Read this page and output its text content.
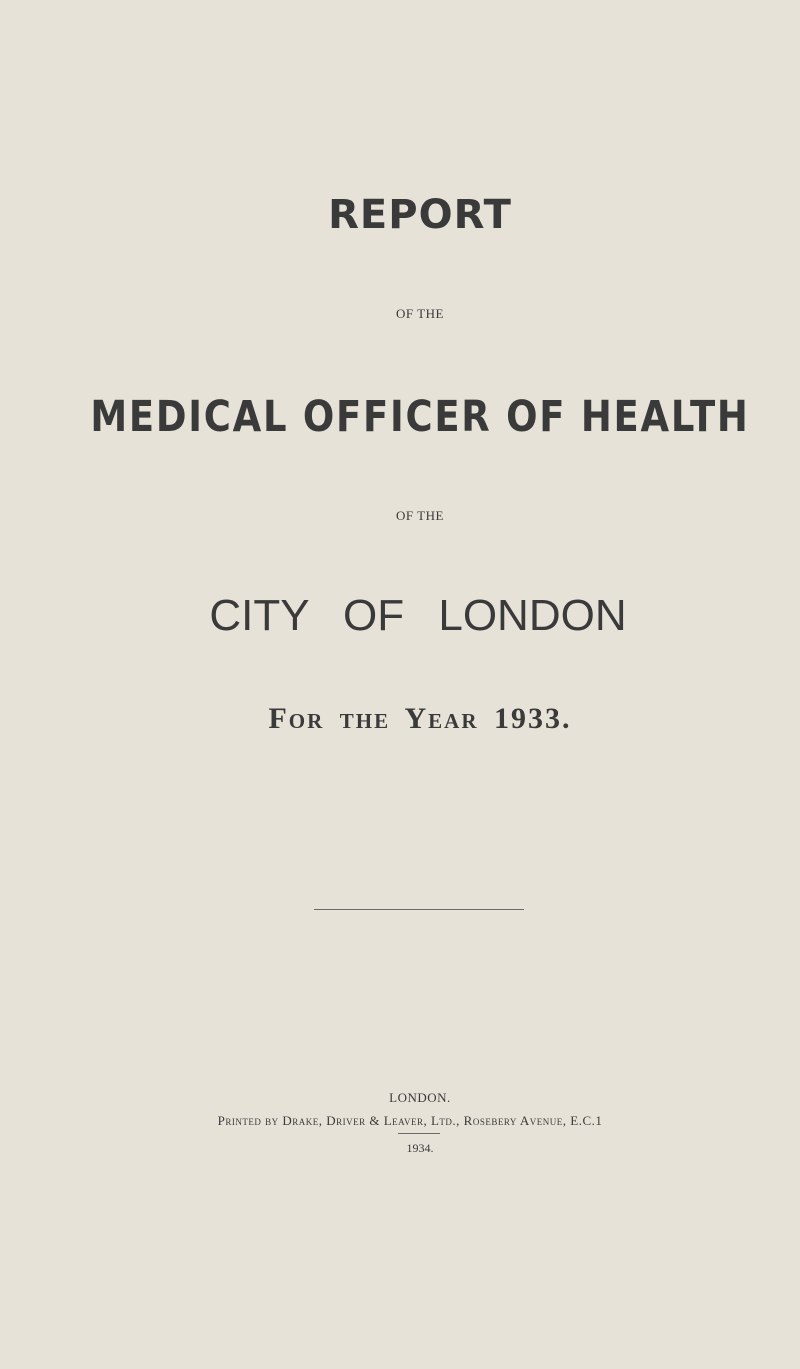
REPORT
OF THE
MEDICAL OFFICER OF HEALTH
OF THE
CITY OF LONDON
For the Year 1933.
LONDON.
Printed by Drake, Driver & Leaver, Ltd., Rosebery Avenue, E.C.1
1934.
